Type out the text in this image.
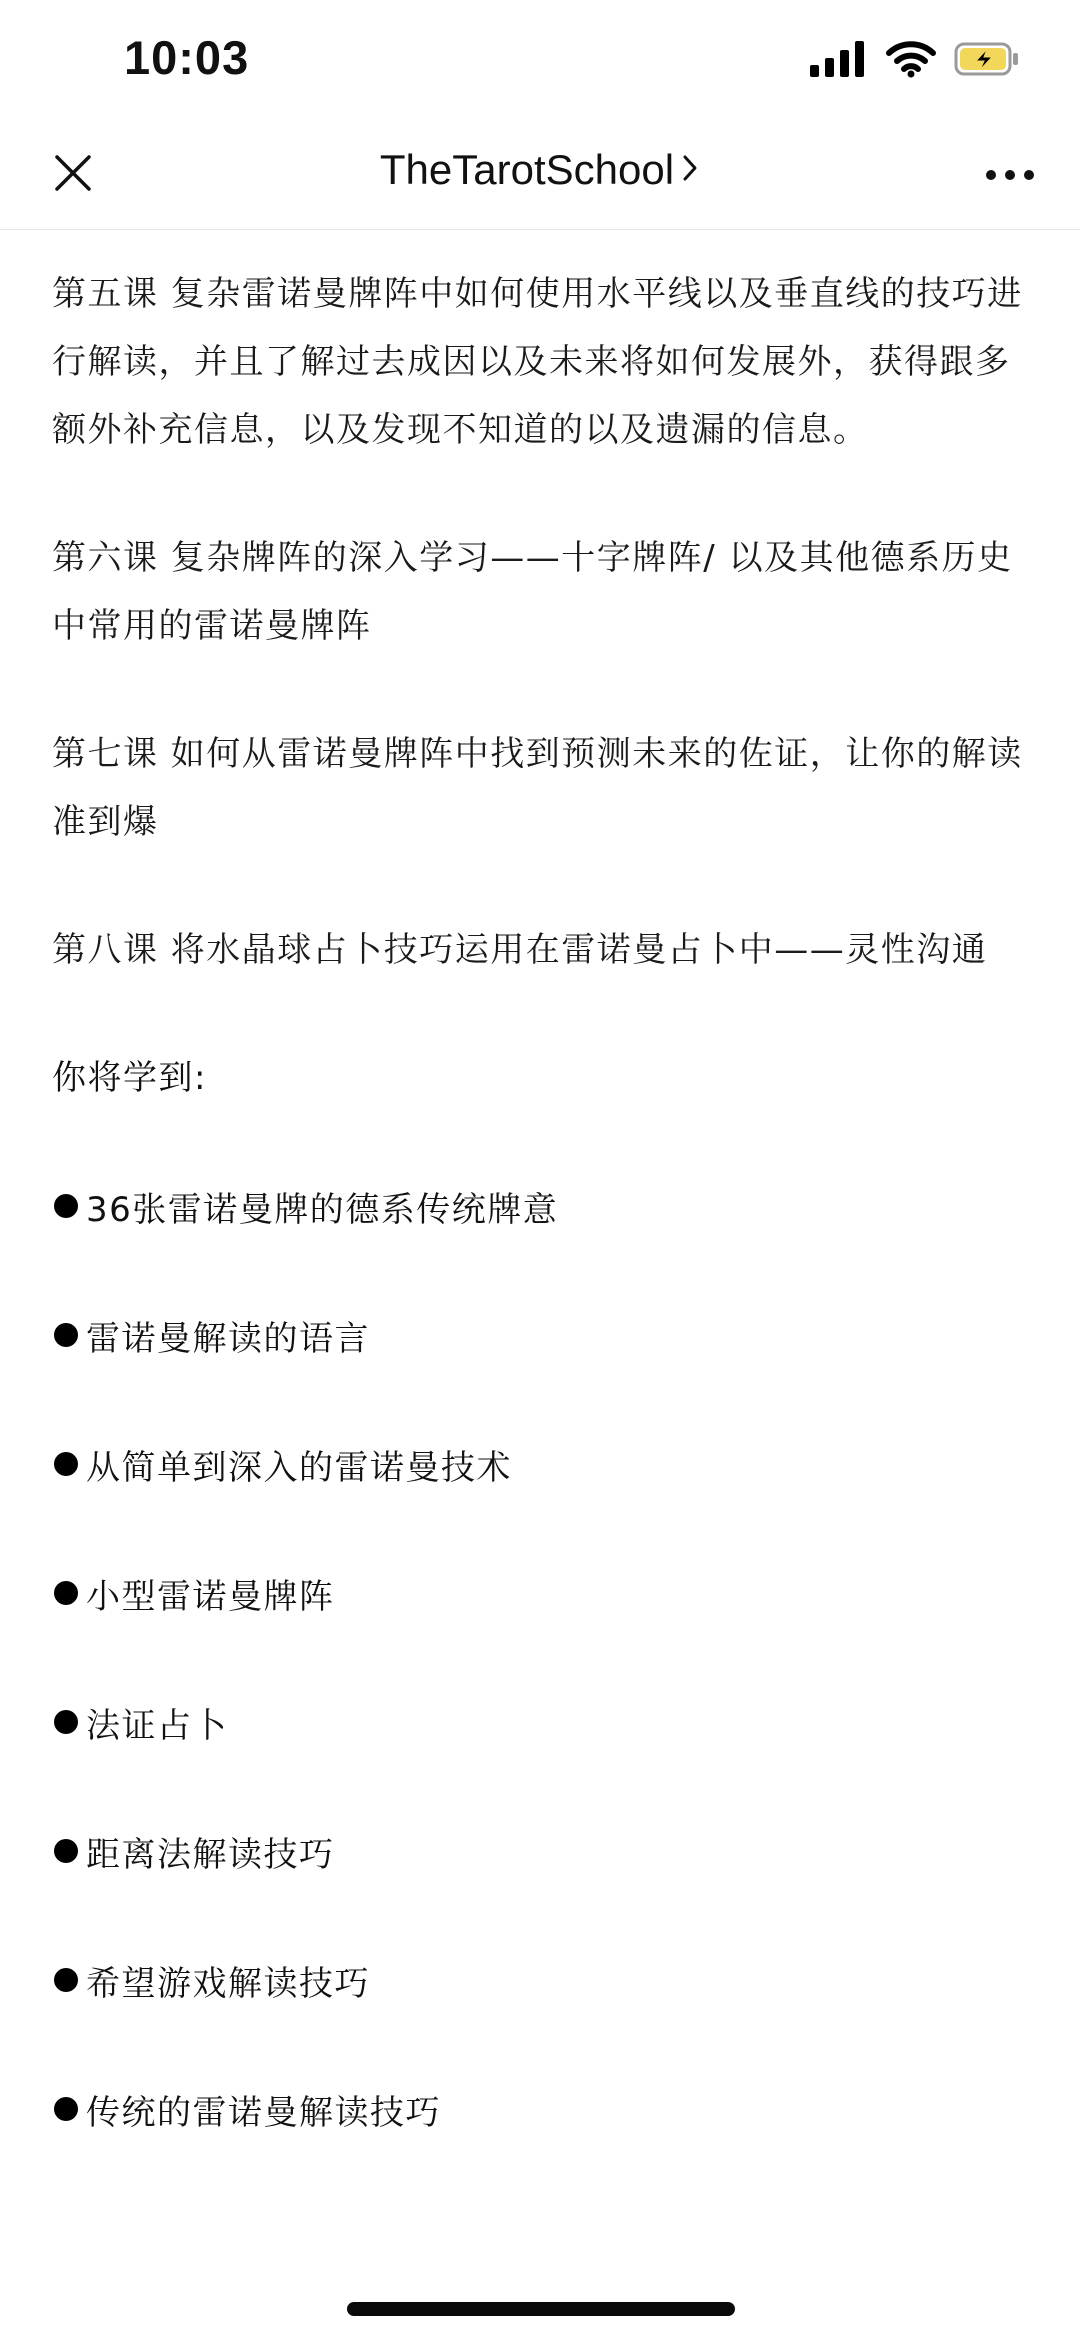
10:03
TheTarotSchool

第五课 复杂雷诺曼牌阵中如何使用水平线以及垂直线的技巧进行解读，并且了解过去成因以及未来将如何发展外，获得跟多额外补充信息，以及发现不知道的以及遗漏的信息。

第六课 复杂牌阵的深入学习——十字牌阵/ 以及其他德系历史中常用的雷诺曼牌阵

第七课 如何从雷诺曼牌阵中找到预测未来的佐证，让你的解读准到爆

第八课 将水晶球占卜技巧运用在雷诺曼占卜中——灵性沟通

你将学到:

36张雷诺曼牌的德系传统牌意
雷诺曼解读的语言
从简单到深入的雷诺曼技术
小型雷诺曼牌阵
法证占卜
距离法解读技巧
希望游戏解读技巧
传统的雷诺曼解读技巧
